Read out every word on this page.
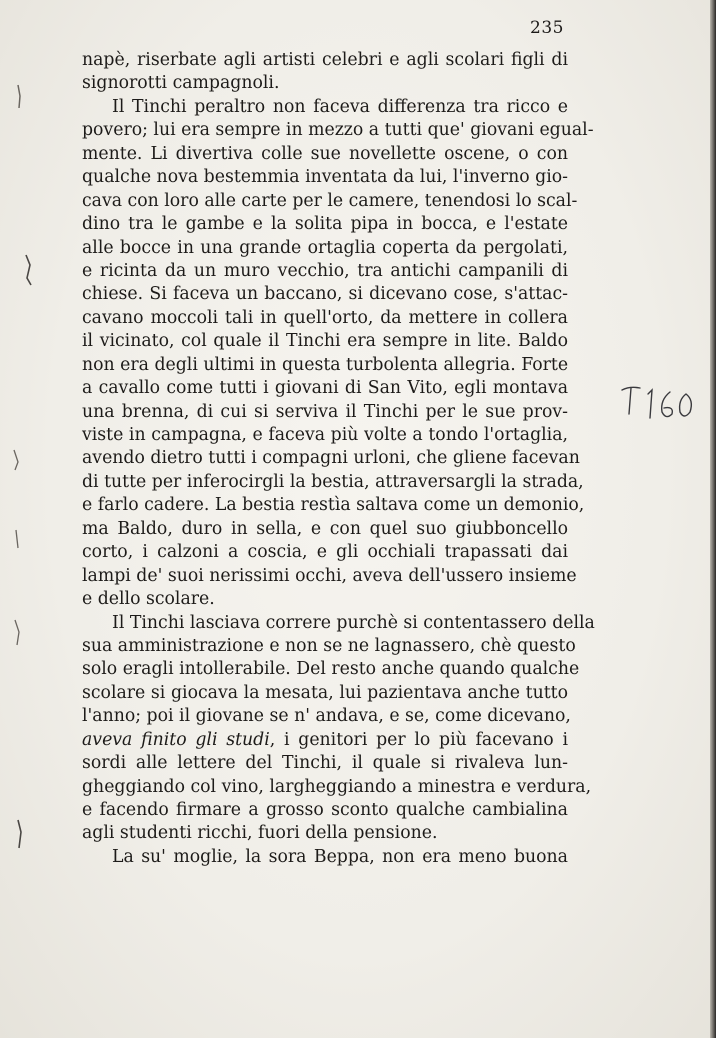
235
napè, riserbate agli artisti celebri e agli scolari figli di
signorotti campagnoli.
Il Tinchi peraltro non faceva differenza tra ricco e
povero; lui era sempre in mezzo a tutti que' giovani egual-
mente. Li divertiva colle sue novellette oscene, o con
qualche nova bestemmia inventata da lui, l'inverno gio-
cava con loro alle carte per le camere, tenendosi lo scal-
dino tra le gambe e la solita pipa in bocca, e l'estate
alle bocce in una grande ortaglia coperta da pergolati,
e ricinta da un muro vecchio, tra antichi campanili di
chiese. Si faceva un baccano, si dicevano cose, s'attac-
cavano moccoli tali in quell'orto, da mettere in collera
il vicinato, col quale il Tinchi era sempre in lite. Baldo
non era degli ultimi in questa turbolenta allegria. Forte
a cavallo come tutti i giovani di San Vito, egli montava
una brenna, di cui si serviva il Tinchi per le sue prov-
viste in campagna, e faceva più volte a tondo l'ortaglia,
avendo dietro tutti i compagni urloni, che gliene facevan
di tutte per inferocirgli la bestia, attraversargli la strada,
e farlo cadere. La bestia restìa saltava come un demonio,
ma Baldo, duro in sella, e con quel suo giubboncello
corto, i calzoni a coscia, e gli occhiali trapassati dai
lampi de' suoi nerissimi occhi, aveva dell'ussero insieme
e dello scolare.
Il Tinchi lasciava correre purchè si contentassero della
sua amministrazione e non se ne lagnassero, chè questo
solo eragli intollerabile. Del resto anche quando qualche
scolare si giocava la mesata, lui pazientava anche tutto
l'anno; poi il giovane se n' andava, e se, come dicevano,
aveva finito gli studi, i genitori per lo più facevano i
sordi alle lettere del Tinchi, il quale si rivaleva lun-
gheggiando col vino, largheggiando a minestra e verdura,
e facendo firmare a grosso sconto qualche cambialina
agli studenti ricchi, fuori della pensione.
La su' moglie, la sora Beppa, non era meno buona
